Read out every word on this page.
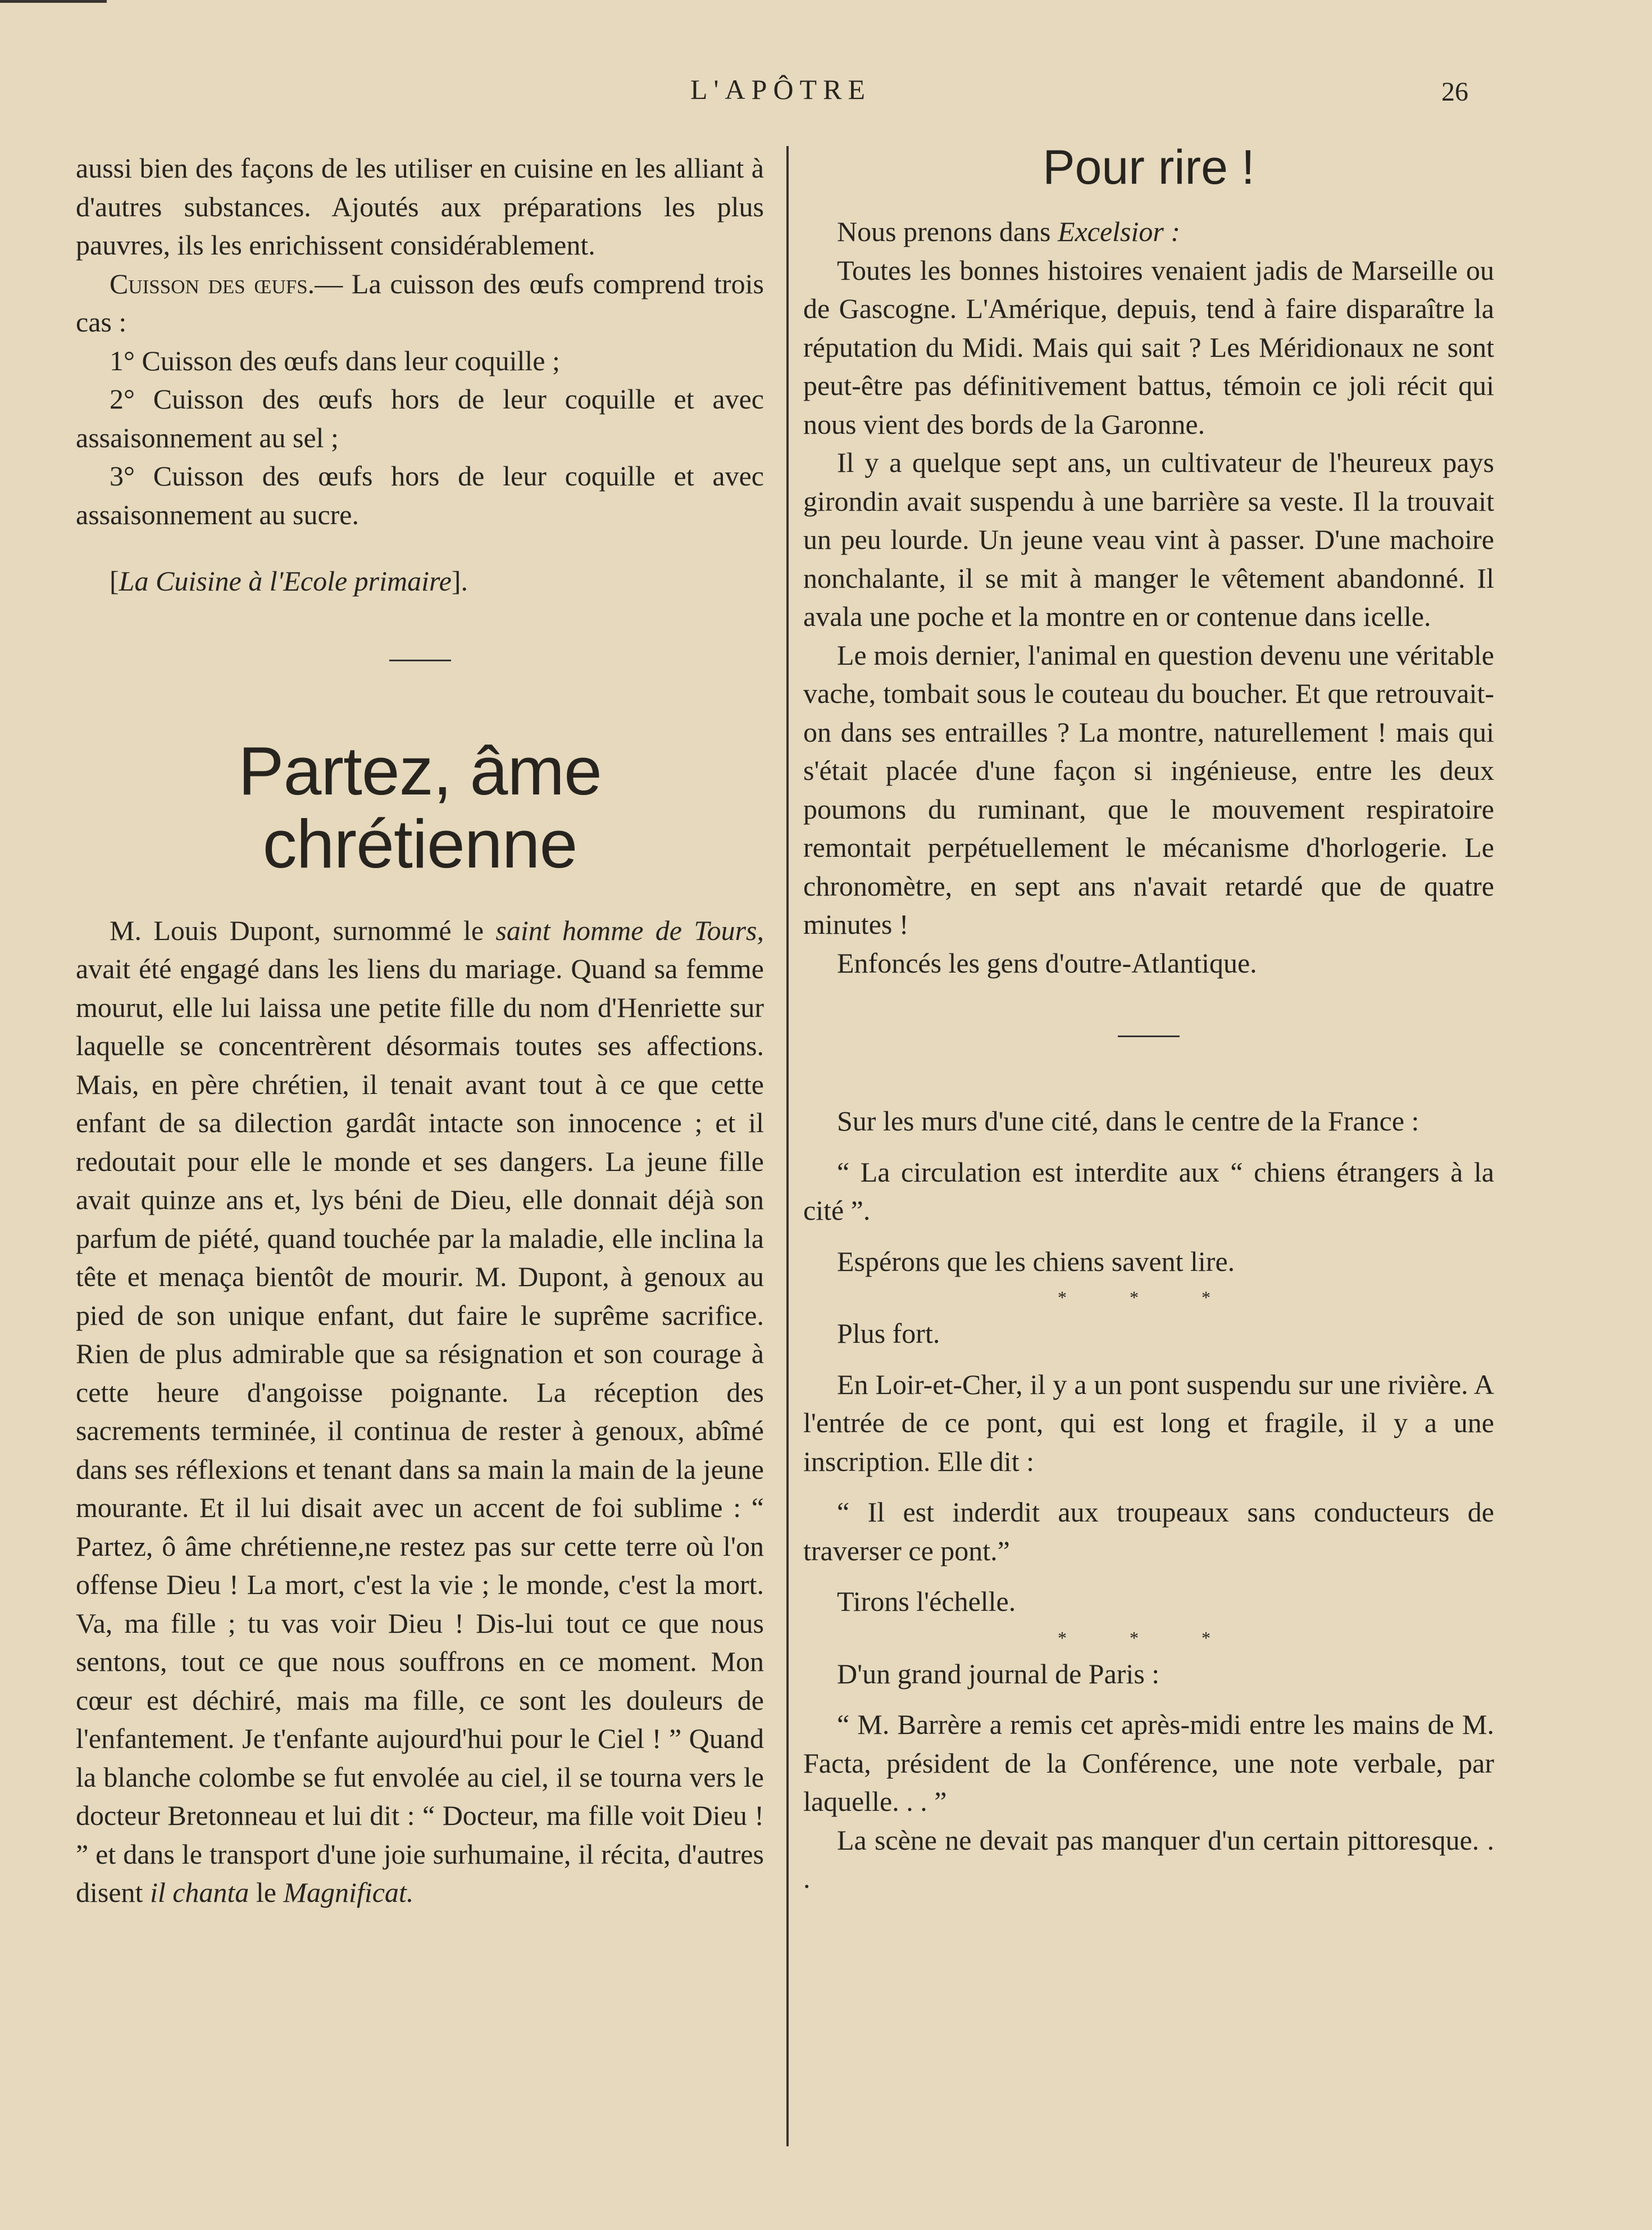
L'APÔTRE	26

aussi bien des façons de les utiliser en cuisine en les alliant à d'autres substances. Ajoutés aux préparations les plus pauvres, ils les enrichissent considérablement.

Cuisson des œufs.— La cuisson des œufs comprend trois cas :

1° Cuisson des œufs dans leur coquille ;

2° Cuisson des œufs hors de leur coquille et avec assaisonnement au sel ;

3° Cuisson des œufs hors de leur coquille et avec assaisonnement au sucre.

[La Cuisine à l'Ecole primaire].

Partez, âme chrétienne

M. Louis Dupont, surnommé le saint homme de Tours, avait été engagé dans les liens du mariage. Quand sa femme mourut, elle lui laissa une petite fille du nom d'Henriette sur laquelle se concentrèrent désormais toutes ses affections. Mais, en père chrétien, il tenait avant tout à ce que cette enfant de sa dilection gardât intacte son innocence ; et il redoutait pour elle le monde et ses dangers. La jeune fille avait quinze ans et, lys béni de Dieu, elle donnait déjà son parfum de piété, quand touchée par la maladie, elle inclina la tête et menaça bientôt de mourir. M. Dupont, à genoux au pied de son unique enfant, dut faire le suprême sacrifice. Rien de plus admirable que sa résignation et son courage à cette heure d'angoisse poignante. La réception des sacrements terminée, il continua de rester à genoux, abîmé dans ses réflexions et tenant dans sa main la main de la jeune mourante. Et il lui disait avec un accent de foi sublime : “ Partez, ô âme chrétienne,ne restez pas sur cette terre où l'on offense Dieu ! La mort, c'est la vie ; le monde, c'est la mort. Va, ma fille ; tu vas voir Dieu ! Dis-lui tout ce que nous sentons, tout ce que nous souffrons en ce moment. Mon cœur est déchiré, mais ma fille, ce sont les douleurs de l'enfantement. Je t'enfante aujourd'hui pour le Ciel ! ” Quand la blanche colombe se fut envolée au ciel, il se tourna vers le docteur Bretonneau et lui dit : “ Docteur, ma fille voit Dieu ! ” et dans le transport d'une joie surhumaine, il récita, d'autres disent il chanta le Magnificat.

Pour rire !

Nous prenons dans Excelsior :

Toutes les bonnes histoires venaient jadis de Marseille ou de Gascogne. L'Amérique, depuis, tend à faire disparaître la réputation du Midi. Mais qui sait ? Les Méridionaux ne sont peut-être pas définitivement battus, témoin ce joli récit qui nous vient des bords de la Garonne.

Il y a quelque sept ans, un cultivateur de l'heureux pays girondin avait suspendu à une barrière sa veste. Il la trouvait un peu lourde. Un jeune veau vint à passer. D'une machoire nonchalante, il se mit à manger le vêtement abandonné. Il avala une poche et la montre en or contenue dans icelle.

Le mois dernier, l'animal en question devenu une véritable vache, tombait sous le couteau du boucher. Et que retrouvait-on dans ses entrailles ? La montre, naturellement ! mais qui s'était placée d'une façon si ingénieuse, entre les deux poumons du ruminant, que le mouvement respiratoire remontait perpétuellement le mécanisme d'horlogerie. Le chronomètre, en sept ans n'avait retardé que de quatre minutes !

Enfoncés les gens d'outre-Atlantique.

Sur les murs d'une cité, dans le centre de la France :

“ La circulation est interdite aux “ chiens étrangers à la cité ”.

Espérons que les chiens savent lire.

* * *

Plus fort.

En Loir-et-Cher, il y a un pont suspendu sur une rivière. A l'entrée de ce pont, qui est long et fragile, il y a une inscription. Elle dit :

“ Il est inderdit aux troupeaux sans conducteurs de traverser ce pont.”

Tirons l'échelle.

* * *

D'un grand journal de Paris :

“ M. Barrère a remis cet après-midi entre les mains de M. Facta, président de la Conférence, une note verbale, par laquelle. . . ”

La scène ne devait pas manquer d'un certain pittoresque. . .
